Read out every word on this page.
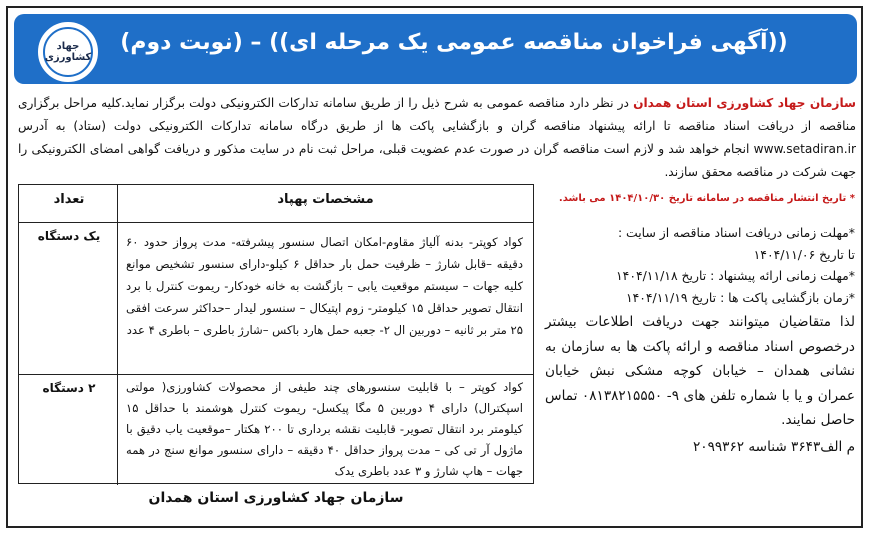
((آگهی فراخوان مناقصه عمومی یک مرحله ای)) – (نوبت دوم)
جهاد
کشاورزی
سازمان جهاد کشاورزی استان همدان در نظر دارد مناقصه عمومی به شرح ذیل را از طریق سامانه تدارکات الکترونیکی دولت برگزار نماید.کلیه مراحل برگزاری مناقصه از دریافت اسناد مناقصه تا ارائه پیشنهاد مناقصه گران و بازگشایی پاکت ها از طریق درگاه سامانه تدارکات الکترونیکی دولت (ستاد) به آدرس www.setadiran.ir انجام خواهد شد و لازم است مناقصه گران در صورت عدم عضویت قبلی، مراحل ثبت نام در سایت مذکور و دریافت گواهی امضای الکترونیکی را جهت شرکت در مناقصه محقق سازند.
مشخصات پهپاد
تعداد
کواد کوپتر- بدنه آلیاژ مقاوم-امکان اتصال سنسور پیشرفته- مدت پرواز حدود ۶۰ دقیقه –قابل شارژ – ظرفیت حمل بار حداقل ۶ کیلو-دارای سنسور تشخیص موانع کلیه جهات – سیستم موقعیت یابی – بازگشت به خانه خودکار- ریموت کنترل با برد انتقال تصویر حداقل ۱۵ کیلومتر- زوم اپتیکال – سنسور لیدار –حداکثر سرعت افقی ۲۵ متر بر ثانیه – دوربین ال ۲- جعبه حمل هارد باکس –شارژ باطری – باطری ۴ عدد
یک دستگاه
کواد کوپتر – با قابلیت سنسورهای چند طیفی از محصولات کشاورزی( مولتی اسپکترال) دارای ۴ دوربین ۵ مگا پیکسل- ریموت کنترل هوشمند با حداقل ۱۵ کیلومتر برد انتقال تصویر- قابلیت نقشه برداری تا ۲۰۰ هکتار –موقعیت یاب دقیق با ماژول آر تی کی – مدت پرواز حداقل ۴۰ دقیقه – دارای سنسور موانع سنج در همه جهات – هاپ شارژ و ۳ عدد باطری یدک
۲ دستگاه
سازمان جهاد کشاورزی استان همدان
* تاریخ انتشار مناقصه در سامانه تاریخ ۱۴۰۴/۱۰/۳۰ می باشد.
*مهلت زمانی دریافت اسناد مناقصه از سایت :
تا تاریخ ۱۴۰۴/۱۱/۰۶
*مهلت زمانی ارائه پیشنهاد : تاریخ ۱۴۰۴/۱۱/۱۸
*زمان بازگشایی پاکت ها : تاریخ ۱۴۰۴/۱۱/۱۹
لذا متقاضیان میتوانند جهت دریافت اطلاعات بیشتر درخصوص اسناد مناقصه و ارائه پاکت ها به سازمان به نشانی همدان – خیابان کوچه مشکی نبش خیابان عمران و یا با شماره تلفن های ۹- ۰۸۱۳۸۲۱۵۵۵۰ تماس حاصل نمایند.
م الف۳۶۴۳ شناسه ۲۰۹۹۳۶۲
